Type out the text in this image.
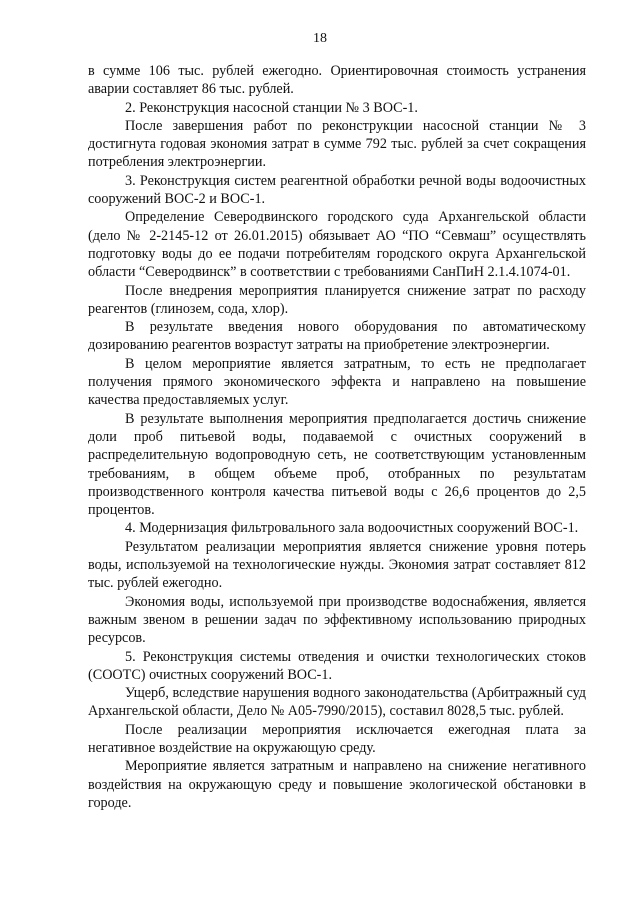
18

в сумме 106 тыс. рублей ежегодно. Ориентировочная стоимость устранения аварии составляет 86 тыс. рублей.

2. Реконструкция насосной станции № 3 ВОС-1.

После завершения работ по реконструкции насосной станции № 3 достигнута годовая экономия затрат в сумме 792 тыс. рублей за счет сокращения потребления электроэнергии.

3. Реконструкция систем реагентной обработки речной воды водоочистных сооружений ВОС-2 и ВОС-1.

Определение Северодвинского городского суда Архангельской области (дело № 2-2145-12 от 26.01.2015) обязывает АО “ПО “Севмаш” осуществлять подготовку воды до ее подачи потребителям городского округа Архангельской области “Северодвинск” в соответствии с требованиями СанПиН 2.1.4.1074-01.

После внедрения мероприятия планируется снижение затрат по расходу реагентов (глинозем, сода, хлор).

В результате введения нового оборудования по автоматическому дозированию реагентов возрастут затраты на приобретение электроэнергии.

В целом мероприятие является затратным, то есть не предполагает получения прямого экономического эффекта и направлено на повышение качества предоставляемых услуг.

В результате выполнения мероприятия предполагается достичь снижение доли проб питьевой воды, подаваемой с очистных сооружений в распределительную водопроводную сеть, не соответствующим установленным требованиям, в общем объеме проб, отобранных по результатам производственного контроля качества питьевой воды с 26,6 процентов до 2,5 процентов.

4. Модернизация фильтровального зала водоочистных сооружений ВОС-1.

Результатом реализации мероприятия является снижение уровня потерь воды, используемой на технологические нужды. Экономия затрат составляет 812 тыс. рублей ежегодно.

Экономия воды, используемой при производстве водоснабжения, является важным звеном в решении задач по эффективному использованию природных ресурсов.

5. Реконструкция системы отведения и очистки технологических стоков (СООТС) очистных сооружений ВОС-1.

Ущерб, вследствие нарушения водного законодательства (Арбитражный суд Архангельской области, Дело № А05-7990/2015), составил 8028,5 тыс. рублей.

После реализации мероприятия исключается ежегодная плата за негативное воздействие на окружающую среду.

Мероприятие является затратным и направлено на снижение негативного воздействия на окружающую среду и повышение экологической обстановки в городе.
